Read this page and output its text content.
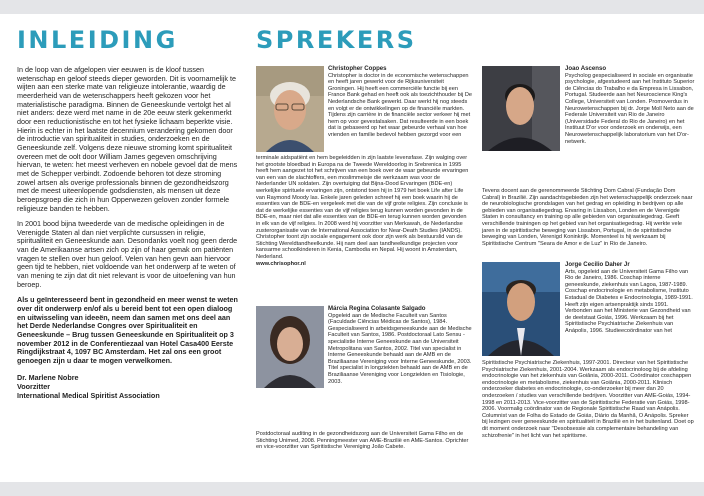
INLEIDING	SPREKERS

In de loop van de afgelopen vier eeuwen is de kloof tussen wetenschap en geloof steeds dieper geworden. Dit is voornamelijk te wijten aan een sterke mate van religieuze intolerantie, waardig de meerderheid van de wetenschappers heeft gekozen voor het materialistische paradigma. Binnen de Geneeskunde vertolgt het al niet anders: deze werd met name in de 20e eeuw sterk gekenmerkt door een reductionistische en tot het fysieke lichaam beperkte visie. Hierin is echter in het laatste decennium verandering gekomen door de introductie van spiritualiteit in studies, onderzoeken en de Geneeskunde zelf. Volgens deze nieuwe stroming komt spiritualiteit overeen met de oolt door William James gegeven omschrijving hiervan, te weten: het meest verheven en nobele gevoel dat de mens met de Schepper verbindt. Zodoende behoren tot deze stroming zowel artsen als overige professionals binnen de gezondheidszorg met de meest uiteenlopende godsdiensten, als mensen uit deze beroepsgroep die zich in hun Opperwezen geloven zonder formele religieuze banden te hebben.

In 2001 bood bijna tweederde van de medische opleidingen in de Verenigde Staten al dan niet verplichte cursussen in religie, spiritualiteit en Geneeskunde aan. Desondanks voelt nog geen derde van de Amerikaanse artsen zich op zijn of haar gemak om patiënten vragen te stellen over hun geloof. Velen van hen gevn aan hiervoor geen tijd te hebben, niet voldoende van het onderwerp af te weten of van mening te zijn dat dit niet relevant is voor de uitoefening van hun beroep.

Als u geïnteresseerd bent in gezondheid en meer wenst te weten over dit onderwerp en/of als u bereid bent tot een open dialoog en uitwisseling van ideeën, neem dan samen met ons deel aan het Derde Nederlandse Congres over Spiritualiteit en Geneeskunde – Brug tussen Geneeskunde en Spiritualiteit op 3 november 2012 in de Conferentiezaal van Hotel Casa400 Eerste Ringdijkstraat 4, 1097 BC Amsterdam. Het zal ons een groot genoegen zijn u daar te mogen verwelkomen.

Dr. Marlene Nobre
Voorzitter
International Medical Spiritist Association
Christopher Coppes
Christopher is doctor in de economische wetenschappen en heeft jaren gewerkt voor de Rijksuniversiteit Groningen. Hij heeft een commerciële functie bij een France Bank gehad en heeft ook als toezichthouder bij De Nederlandsche Bank gewerkt. Daar werkt hij nog steeds en volgt er de ontwikkelingen op de financiële markten. Tijdens zijn carrière in de financiële sector verkeer hij met hem op voor gevestalsaken. Dat resulteerde in een boek dat is gebaseerd op het waar gebeurde verhaal van hoe vrienden en familie bedevol hebben gezorgd voor een
terminale aidspatiënt en hem begeleidden in zijn laatste levensfase. Zijn walging over het grootste bloedbad in Europa na de Tweede Wereldoorlog in Srebrenica in 1995 heeft hem aangezet tot het schrijven van een boek over de waar gebeurde ervaringen van een van de slachtoffers, een moslimmeisje die werkzaam was voor de Nederlander UN soldaten. Zijn overtuiging dat Bijna-Dood Ervaringen (BDE-en) werkelijke spirituele ervaringen zijn, ontstond toen hij in 1979 het boek Life after Life van Raymond Moody las. Enkele jaren geleden schreef hij een boek waarin hij de essenties van de BDE-en vergeleek met die van de vijf grote religies. Zijn conclusie is dat de werkelijke essenties van de vijf religies terug kunnen worden gevonden in de BDE-en, maar niet dat alle essenties van de BDE-en terug kunnen worden gevonden in elk van de vijf religies. In 2008 werd hij voorzitter van Merkawah, de Nederlandse zusterorganisatie van de International Association for Near-Death Studies (IANDS). Christopher toont zijn sociale engagement ook door zijn werk als bestuurslid van de Stichting Wereldtandheelkunde. Hij nam deel aan tandheelkundige projecten voor kansarme schoolkinderen in Kenia, Cambodia en Nepal. Hij woont in Amsterdam, Nederland.
www.chrisophor.nl
Márcia Regina Colasante Salgado
Opgeleid aan de Medische Faculteit van Santos (Faculdade Ciências Médicas de Santos), 1984. Gespecialiseerd in arbeidsgeneeskunde aan de Medische Faculteit van Santos, 1986. Postdoctoraal Lato Sensu - specialistie Interne Geneeskunde aan de Universiteit Metropolitana van Santos, 2002. Titel van specialist in Interne Geneeskunde behaald aan de AMB en de Braziliaanse Vereniging voor Interne Geneeskunde, 2003. Titel specialist in longziekten behaald aan de AMB en de Braziliaanse Vereniging voor Longziekten en Tisiologie, 2003.
Postdoctoraal auditing in de gezondheidszorg aan de Universiteit Gama Filho en de Stichting Unimed, 2008. Penningmeester van AME-Brazilië en AME-Santos. Oprichter en vice-voorzitter van Spiritistische Vereniging João Cabete.
Joao Ascenso
Psycholog gespecialiseerd in sociale en organisatie psychologie, afgestudeerd aan het Instituto Superior de Ciências do Trabalho e da Empresa in Lissabon, Portugal. Studeerde aan het Neuroscience King's College, Universiteit van Londen. Promoverdus in Neurowetenschappen bij dr. Jorge Moll Neto aan de Federale Universiteit van Rio de Janeiro (Universidade Federal do Rio de Janeiro) en het Instituut D'or voor onderzoek en onderwijs, een Neurowetenschappelijk laboratorium van het D'or-netwerk.
Tevens docent aan de gerenommeerde Stichting Dom Cabral (Fundação Dom Cabral) in Brazilië. Zijn aandachtsgebieden zijn het wetenschappelijk onderzoek naar de neurobiologische grondslagen van het gedrag en opleiding in bedrijven op alle gebieden van organisatiegedrag. Ervaring in Lissabon, Londen en de Verenigde Staten in consultancy en training op alle gebieden van organisatiegedrag. Geeft verschillende trainingen op het gebied van het organisatiegedrag. Hij werkte vele jaren in de spiritistische beweging van Lissabon, Portugal, in de spiritistische beweging van Londen, Verenigd Koninkrijk. Momenteel is hij werkzaam bij Spiritistische Centrum "Seara de Amor e de Luz" in Rio de Janeiro.
Jorge Cecilio Daher Jr
Arts, opgeleid aan de Universiteit Gama Filho van Rio de Janeiro, 1986. Coschap interne geneeskunde, ziekenhuis van Lagoa, 1987-1989. Coschap endocrinologie en metabolisme, Instituto Estadual de Diabetes e Endocrinologia, 1989-1991. Heeft zijn eigen artsenpraktijk sinds 1991. Verbonden aan het Ministerie van Gezondheid van de deelstaat Goiás, 1996. Werkzaam bij het Spiritistische Psychiatrische Ziekenhuis van Anápolis, 1996. Studieecoördinator van het
Spiritistische Psychiatrische Ziekenhuis, 1997-2001. Directeur van het Spiritistische Psychiatrische Ziekenhuis, 2001-2004. Werkzaam als endocrinoloog bij de afdeling endocrinologie van het ziekenhuis van Goiânia, 2000-2011. Coördinator coschappen endocrinologie en metabolisme, ziekenhuis van Goiânia, 2000-2011. Klinisch onderzoeker diabetes en endocrinologie, co-onderzoeker bij meer dan 20 onderzoeken / studies van verschillende bedrijven. Voorzitter van AME-Goiás, 1994-1998 en 2011-2013. Vice-voorzitter van de Spiritistische Federatie van Goiás, 1998-2006. Voormalig coördinator van de Regionale Spiritistische Raad van Anápolis. Columnist van de Folha do Estado de Goiás, Diário da Manhã, O Anápolis. Spreker bij lezingen over geneeskunde en spiritualiteit in Brazilië en in het buitenland. Doet op dit moment onderzoek naar "Desobsessie als complementaire behandeling van schizofrenie" in het licht van het spiritisme.
